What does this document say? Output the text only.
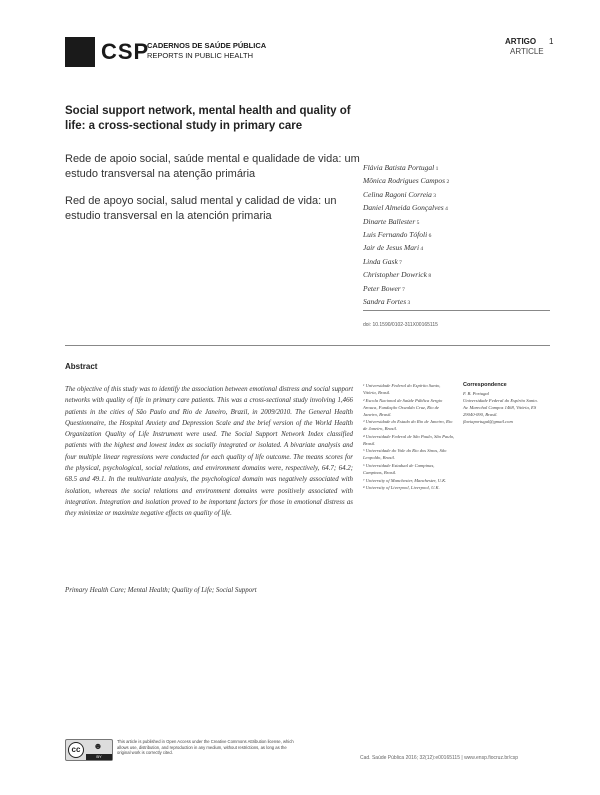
CSP
CADERNOS DE SAÚDE PÚBLICA
REPORTS IN PUBLIC HEALTH
ARTIGO 1
ARTICLE
Social support network, mental health and quality of life: a cross-sectional study in primary care
Rede de apoio social, saúde mental e qualidade de vida: um estudo transversal na atenção primária
Red de apoyo social, salud mental y calidad de vida: un estudio transversal en la atención primaria
Flávia Batista Portugal 1
Mônica Rodrigues Campos 2
Celina Ragoni Correia 3
Daniel Almeida Gonçalves 4
Dinarte Ballester 5
Luis Fernando Tófoli 6
Jair de Jesus Mari 4
Linda Gask 7
Christopher Dowrick 8
Peter Bower 7
Sandra Fortes 3
doi: 10.1590/0102-311X00165115
Abstract
The objective of this study was to identify the association between emotional distress and social support networks with quality of life in primary care patients. This was a cross-sectional study involving 1,466 patients in the cities of São Paulo and Rio de Janeiro, Brazil, in 2009/2010. The General Health Questionnaire, the Hospital Anxiety and Depression Scale and the brief version of the World Health Organization Quality of Life Instrument were used. The Social Support Network Index classified patients with the highest and lowest index as socially integrated or isolated. A bivariate analysis and four multiple linear regressions were conducted for each quality of life outcome. The means scores for the physical, psychological, social relations, and environment domains were, respectively, 64.7; 64.2; 68.5 and 49.1. In the multivariate analysis, the psychological domain was negatively associated with isolation, whereas the social relations and environment domains were positively associated with integration. Integration and isolation proved to be important factors for those in emotional distress as they minimize or maximize negative effects on quality of life.
Primary Health Care; Mental Health; Quality of Life; Social Support
¹ Universidade Federal do Espírito Santo, Vitória, Brasil.
² Escola Nacional de Saúde Pública Sergio Arouca, Fundação Oswaldo Cruz, Rio de Janeiro, Brasil.
³ Universidade do Estado do Rio de Janeiro, Rio de Janeiro, Brasil.
⁴ Universidade Federal de São Paulo, São Paulo, Brasil.
⁵ Universidade do Vale do Rio dos Sinos, São Leopoldo, Brasil.
⁶ Universidade Estadual de Campinas, Campinas, Brasil.
⁷ University of Manchester, Manchester, U.K.
⁸ University of Liverpool, Liverpool, U.K.
Correspondence
F. B. Portugal
Universidade Federal do Espírito Santo.
Av. Marechal Campos 1468, Vitória, ES
29040-090, Brasil.
flaviaportugal@gmail.com
cc	☻
BY
This article is published in Open Access under the Creative Commons Attribution license, which allows use, distribution, and reproduction in any medium, without restrictions, as long as the original work is correctly cited.
Cad. Saúde Pública 2016; 32(12):e00165115 | www.ensp.fiocruz.br/csp
